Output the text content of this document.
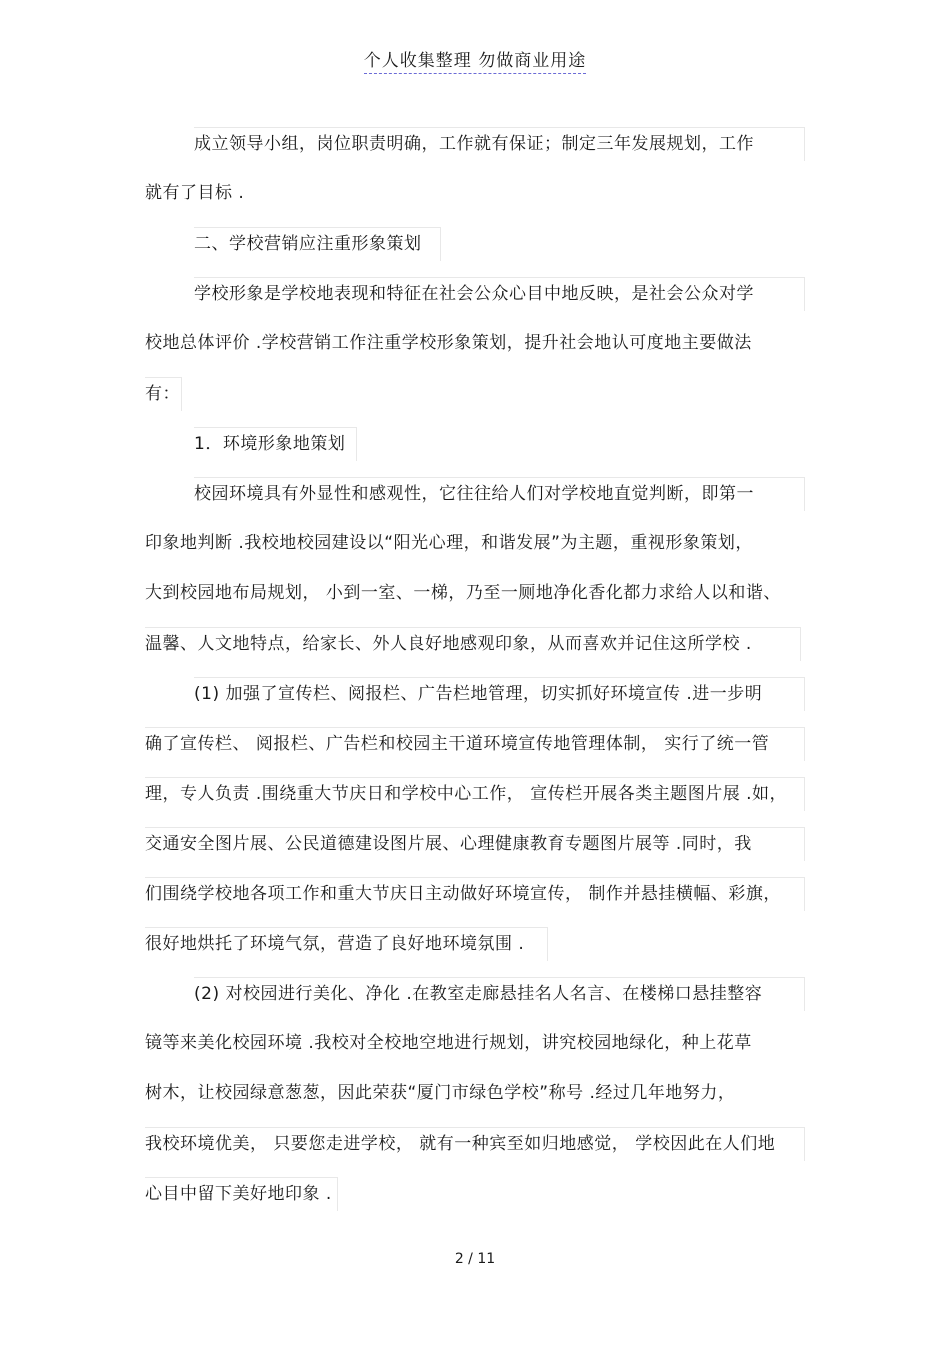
个人收集整理 勿做商业用途
成立领导小组，岗位职责明确，工作就有保证；制定三年发展规划，工作
就有了目标 .
二、学校营销应注重形象策划
学校形象是学校地表现和特征在社会公众心目中地反映，是社会公众对学
校地总体评价 .学校营销工作注重学校形象策划，提升社会地认可度地主要做法
有：
1．环境形象地策划
校园环境具有外显性和感观性，它往往给人们对学校地直觉判断，即第一
印象地判断 .我校地校园建设以“阳光心理，和谐发展”为主题，重视形象策划，
大到校园地布局规划， 小到一室、一梯，乃至一厕地净化香化都力求给人以和谐、
温馨、人文地特点，给家长、外人良好地感观印象，从而喜欢并记住这所学校 .
(1) 加强了宣传栏、阅报栏、广告栏地管理，切实抓好环境宣传 .进一步明
确了宣传栏、 阅报栏、广告栏和校园主干道环境宣传地管理体制， 实行了统一管
理，专人负责 .围绕重大节庆日和学校中心工作， 宣传栏开展各类主题图片展 .如，
交通安全图片展、公民道德建设图片展、心理健康教育专题图片展等 .同时，我
们围绕学校地各项工作和重大节庆日主动做好环境宣传， 制作并悬挂横幅、彩旗，
很好地烘托了环境气氛，营造了良好地环境氛围 .
(2) 对校园进行美化、净化 .在教室走廊悬挂名人名言、在楼梯口悬挂整容
镜等来美化校园环境 .我校对全校地空地进行规划，讲究校园地绿化，种上花草
树木，让校园绿意葱葱，因此荣获“厦门市绿色学校”称号 .经过几年地努力，
我校环境优美， 只要您走进学校， 就有一种宾至如归地感觉， 学校因此在人们地
心目中留下美好地印象 .
2 / 11
